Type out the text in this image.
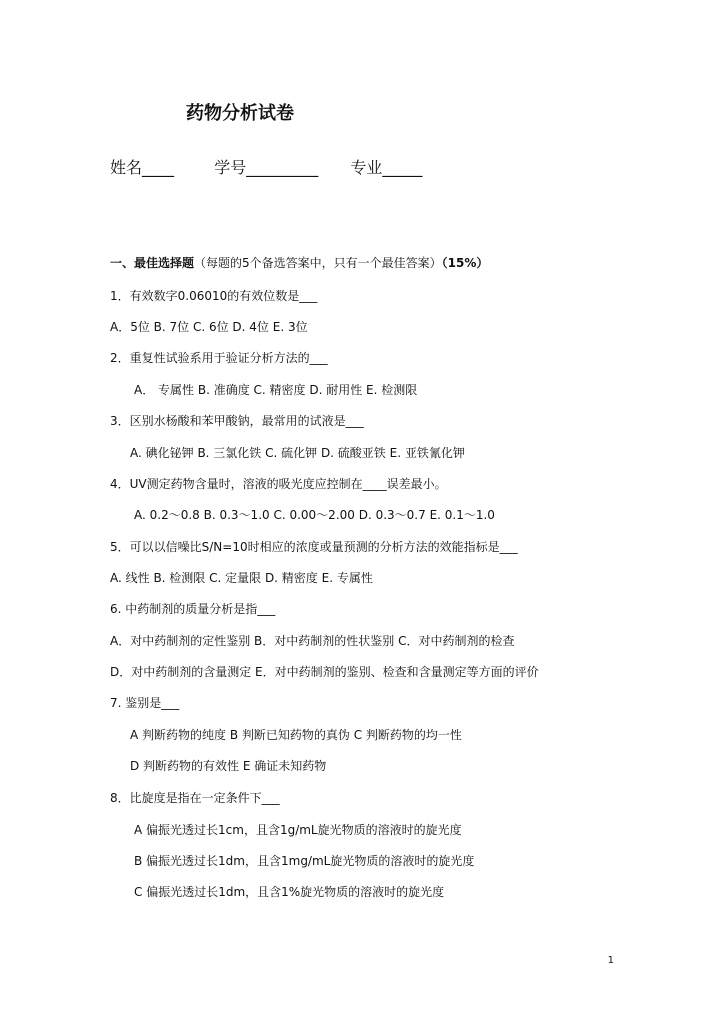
药物分析试卷
姓名____	学号_________ 专业_____
一、最佳选择题（每题的5个备选答案中，只有一个最佳答案）（15%）
1．有效数字0.06010的有效位数是___
A．5位 B. 7位 C. 6位 D. 4位 E. 3位
2．重复性试验系用于验证分析方法的___
A． 专属性 B. 准确度 C. 精密度 D. 耐用性 E. 检测限
3．区别水杨酸和苯甲酸钠，最常用的试液是___
A. 碘化铋钾 B. 三氯化铁 C. 硫化钾 D. 硫酸亚铁 E. 亚铁氰化钾
4．UV测定药物含量时，溶液的吸光度应控制在____误差最小。
A. 0.2～0.8 B. 0.3～1.0 C. 0.00～2.00 D. 0.3～0.7 E. 0.1～1.0
5．可以以信噪比S/N=10时相应的浓度或量预测的分析方法的效能指标是___
A. 线性 B. 检测限 C. 定量限 D. 精密度 E. 专属性
6. 中药制剂的质量分析是指___
A．对中药制剂的定性鉴别 B．对中药制剂的性状鉴别 C．对中药制剂的检查
D．对中药制剂的含量测定 E．对中药制剂的鉴别、检查和含量测定等方面的评价
7. 鉴别是___
A 判断药物的纯度 B 判断已知药物的真伪 C 判断药物的均一性
D 判断药物的有效性 E 确证未知药物
8．比旋度是指在一定条件下___
A 偏振光透过长1cm，且含1g/mL旋光物质的溶液时的旋光度
B 偏振光透过长1dm，且含1mg/mL旋光物质的溶液时的旋光度
C 偏振光透过长1dm，且含1%旋光物质的溶液时的旋光度
1
